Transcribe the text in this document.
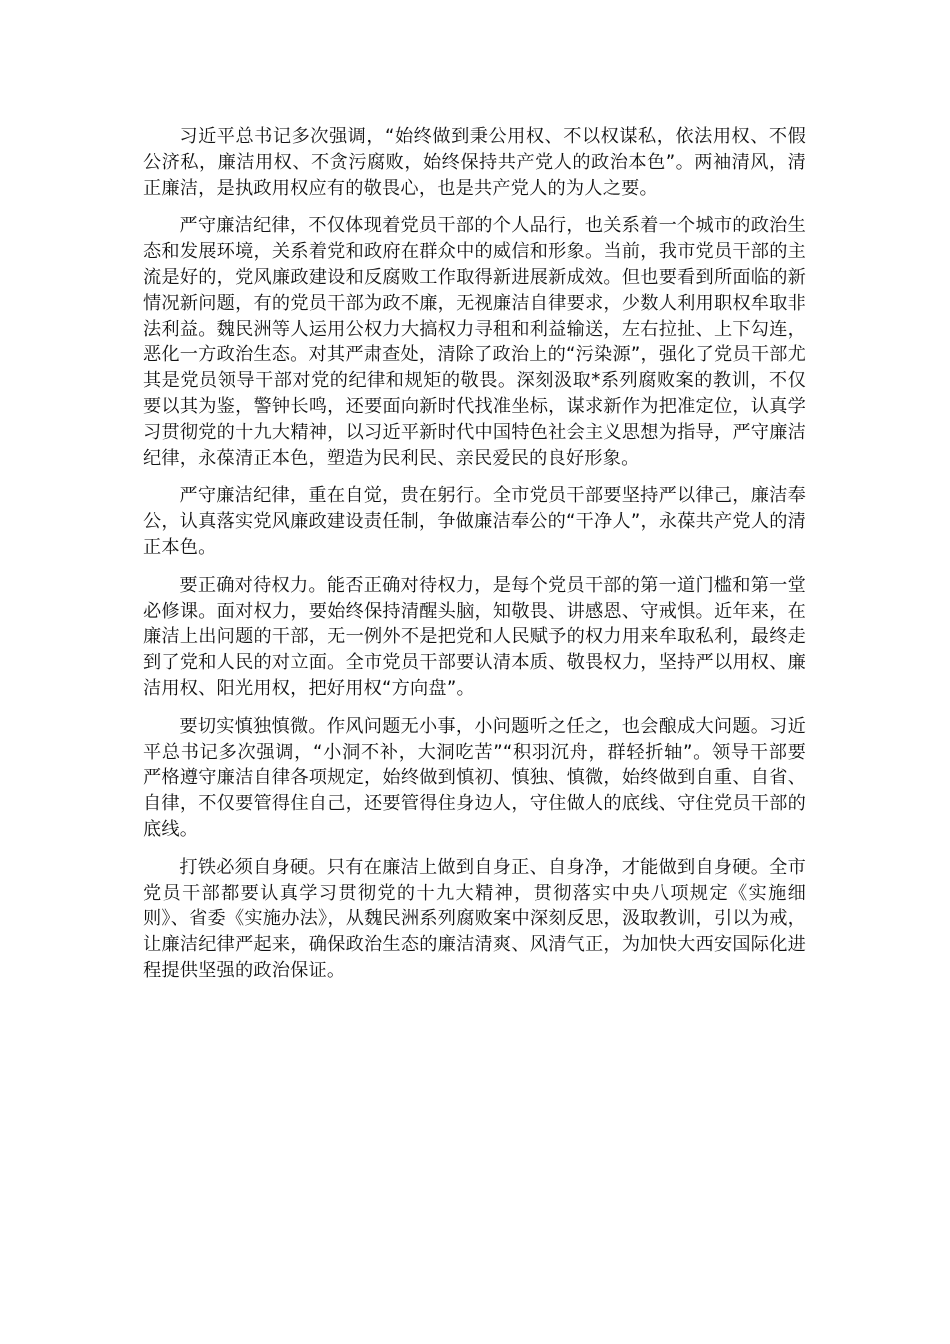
习近平总书记多次强调，“始终做到秉公用权、不以权谋私，依法用权、不假公济私，廉洁用权、不贪污腐败，始终保持共产党人的政治本色”。两袖清风，清正廉洁，是执政用权应有的敬畏心，也是共产党人的为人之要。

严守廉洁纪律，不仅体现着党员干部的个人品行，也关系着一个城市的政治生态和发展环境，关系着党和政府在群众中的威信和形象。当前，我市党员干部的主流是好的，党风廉政建设和反腐败工作取得新进展新成效。但也要看到所面临的新情况新问题，有的党员干部为政不廉，无视廉洁自律要求，少数人利用职权牟取非法利益。魏民洲等人运用公权力大搞权力寻租和利益输送，左右拉扯、上下勾连，恶化一方政治生态。对其严肃查处，清除了政治上的“污染源”，强化了党员干部尤其是党员领导干部对党的纪律和规矩的敬畏。深刻汲取*系列腐败案的教训，不仅要以其为鉴，警钟长鸣，还要面向新时代找准坐标，谋求新作为把准定位，认真学习贯彻党的十九大精神，以习近平新时代中国特色社会主义思想为指导，严守廉洁纪律，永葆清正本色，塑造为民利民、亲民爱民的良好形象。

严守廉洁纪律，重在自觉，贵在躬行。全市党员干部要坚持严以律己，廉洁奉公，认真落实党风廉政建设责任制，争做廉洁奉公的“干净人”，永葆共产党人的清正本色。

要正确对待权力。能否正确对待权力，是每个党员干部的第一道门槛和第一堂必修课。面对权力，要始终保持清醒头脑，知敬畏、讲感恩、守戒惧。近年来，在廉洁上出问题的干部，无一例外不是把党和人民赋予的权力用来牟取私利，最终走到了党和人民的对立面。全市党员干部要认清本质、敬畏权力，坚持严以用权、廉洁用权、阳光用权，把好用权“方向盘”。

要切实慎独慎微。作风问题无小事，小问题听之任之，也会酿成大问题。习近平总书记多次强调，“小洞不补，大洞吃苦”“积羽沉舟，群轻折轴”。领导干部要严格遵守廉洁自律各项规定，始终做到慎初、慎独、慎微，始终做到自重、自省、自律，不仅要管得住自己，还要管得住身边人，守住做人的底线、守住党员干部的底线。

打铁必须自身硬。只有在廉洁上做到自身正、自身净，才能做到自身硬。全市党员干部都要认真学习贯彻党的十九大精神，贯彻落实中央八项规定《实施细则》、省委《实施办法》，从魏民洲系列腐败案中深刻反思，汲取教训，引以为戒，让廉洁纪律严起来，确保政治生态的廉洁清爽、风清气正，为加快大西安国际化进程提供坚强的政治保证。
